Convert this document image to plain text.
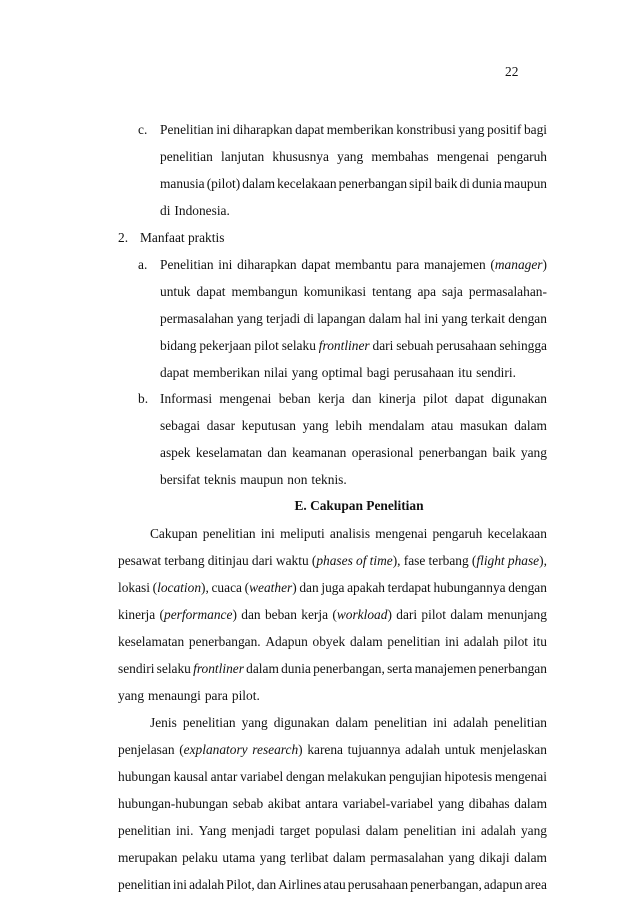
22
c. Penelitian ini diharapkan dapat memberikan konstribusi yang positif bagi
penelitian lanjutan khususnya yang membahas mengenai pengaruh
manusia (pilot) dalam kecelakaan penerbangan sipil baik di dunia maupun
di Indonesia.
2. Manfaat praktis
a. Penelitian ini diharapkan dapat membantu para manajemen (manager)
untuk dapat membangun komunikasi tentang apa saja permasalahan-
permasalahan yang terjadi di lapangan dalam hal ini yang terkait dengan
bidang pekerjaan pilot selaku frontliner dari sebuah perusahaan sehingga
dapat memberikan nilai yang optimal bagi perusahaan itu sendiri.
b. Informasi mengenai beban kerja dan kinerja pilot dapat digunakan
sebagai dasar keputusan yang lebih mendalam atau masukan dalam
aspek keselamatan dan keamanan operasional penerbangan baik yang
bersifat teknis maupun non teknis.
E. Cakupan Penelitian
Cakupan penelitian ini meliputi analisis mengenai pengaruh kecelakaan
pesawat terbang ditinjau dari waktu (phases of time), fase terbang (flight phase),
lokasi (location), cuaca (weather) dan juga apakah terdapat hubungannya dengan
kinerja (performance) dan beban kerja (workload) dari pilot dalam menunjang
keselamatan penerbangan. Adapun obyek dalam penelitian ini adalah pilot itu
sendiri selaku frontliner dalam dunia penerbangan, serta manajemen penerbangan
yang menaungi para pilot.
Jenis penelitian yang digunakan dalam penelitian ini adalah penelitian
penjelasan (explanatory research) karena tujuannya adalah untuk menjelaskan
hubungan kausal antar variabel dengan melakukan pengujian hipotesis mengenai
hubungan-hubungan sebab akibat antara variabel-variabel yang dibahas dalam
penelitian ini. Yang menjadi target populasi dalam penelitian ini adalah yang
merupakan pelaku utama yang terlibat dalam permasalahan yang dikaji dalam
penelitian ini adalah Pilot, dan Airlines atau perusahaan penerbangan, adapun area
